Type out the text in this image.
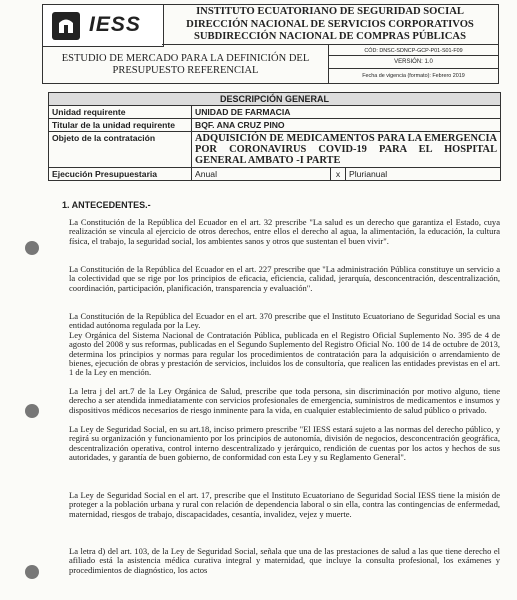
IESS
INSTITUTO ECUATORIANO DE SEGURIDAD SOCIAL
DIRECCIÓN NACIONAL DE SERVICIOS CORPORATIVOS
SUBDIRECCIÓN NACIONAL DE COMPRAS PÚBLICAS
ESTUDIO DE MERCADO PARA LA DEFINICIÓN DEL
PRESUPUESTO REFERENCIAL
CÓD: DNSC-SDNCP-GCP-P01-S01-F09
VERSIÓN: 1.0
Fecha de vigencia (formato): Febrero 2019
DESCRIPCIÓN GENERAL
Unidad requirente	UNIDAD DE FARMACIA
Titular de la unidad requirente	BQF. ANA CRUZ PINO
Objeto de la contratación	ADQUISICIÓN DE MEDICAMENTOS PARA LA EMERGENCIA POR CORONAVIRUS COVID-19 PARA EL HOSPITAL GENERAL AMBATO -I PARTE
Ejecución Presupuestaria		Anual	x	Plurianual
1. ANTECEDENTES.-
La Constitución de la República del Ecuador en el art. 32 prescribe "La salud es un derecho que garantiza el Estado, cuya realización se vincula al ejercicio de otros derechos, entre ellos el derecho al agua, la alimentación, la educación, la cultura física, el trabajo, la seguridad social, los ambientes sanos y otros que sustentan el buen vivir".
La Constitución de la República del Ecuador en el art. 227 prescribe que "La administración Pública constituye un servicio a la colectividad que se rige por los principios de eficacia, eficiencia, calidad, jerarquía, desconcentración, descentralización, coordinación, participación, planificación, transparencia y evaluación".
La Constitución de la República del Ecuador en el art. 370 prescribe que el Instituto Ecuatoriano de Seguridad Social es una entidad autónoma regulada por la Ley.
Ley Orgánica del Sistema Nacional de Contratación Pública, publicada en el Registro Oficial Suplemento No. 395 de 4 de agosto del 2008 y sus reformas, publicadas en el Segundo Suplemento del Registro Oficial No. 100 de 14 de octubre de 2013, determina los principios y normas para regular los procedimientos de contratación para la adquisición o arrendamiento de bienes, ejecución de obras y prestación de servicios, incluidos los de consultoría, que realicen las entidades previstas en el art. 1 de la Ley en mención.
La letra j del art.7 de la Ley Orgánica de Salud, prescribe que toda persona, sin discriminación por motivo alguno, tiene derecho a ser atendida inmediatamente con servicios profesionales de emergencia, suministros de medicamentos e insumos y dispositivos médicos necesarios de riesgo inminente para la vida, en cualquier establecimiento de salud público o privado.
La Ley de Seguridad Social, en su art.18, inciso primero prescribe "El IESS estará sujeto a las normas del derecho público, y regirá su organización y funcionamiento por los principios de autonomía, división de negocios, desconcentración geográfica, descentralización operativa, control interno descentralizado y jerárquico, rendición de cuentas por los actos y hechos de sus autoridades, y garantía de buen gobierno, de conformidad con esta Ley y su Reglamento General".
La Ley de Seguridad Social en el art. 17, prescribe que el Instituto Ecuatoriano de Seguridad Social IESS tiene la misión de proteger a la población urbana y rural con relación de dependencia laboral o sin ella, contra las contingencias de enfermedad, maternidad, riesgos de trabajo, discapacidades, cesantía, invalidez, vejez y muerte.
La letra d) del art. 103, de la Ley de Seguridad Social, señala que una de las prestaciones de salud a las que tiene derecho el afiliado está la asistencia médica curativa integral y maternidad, que incluye la consulta profesional, los exámenes y procedimientos de diagnóstico, los actos
